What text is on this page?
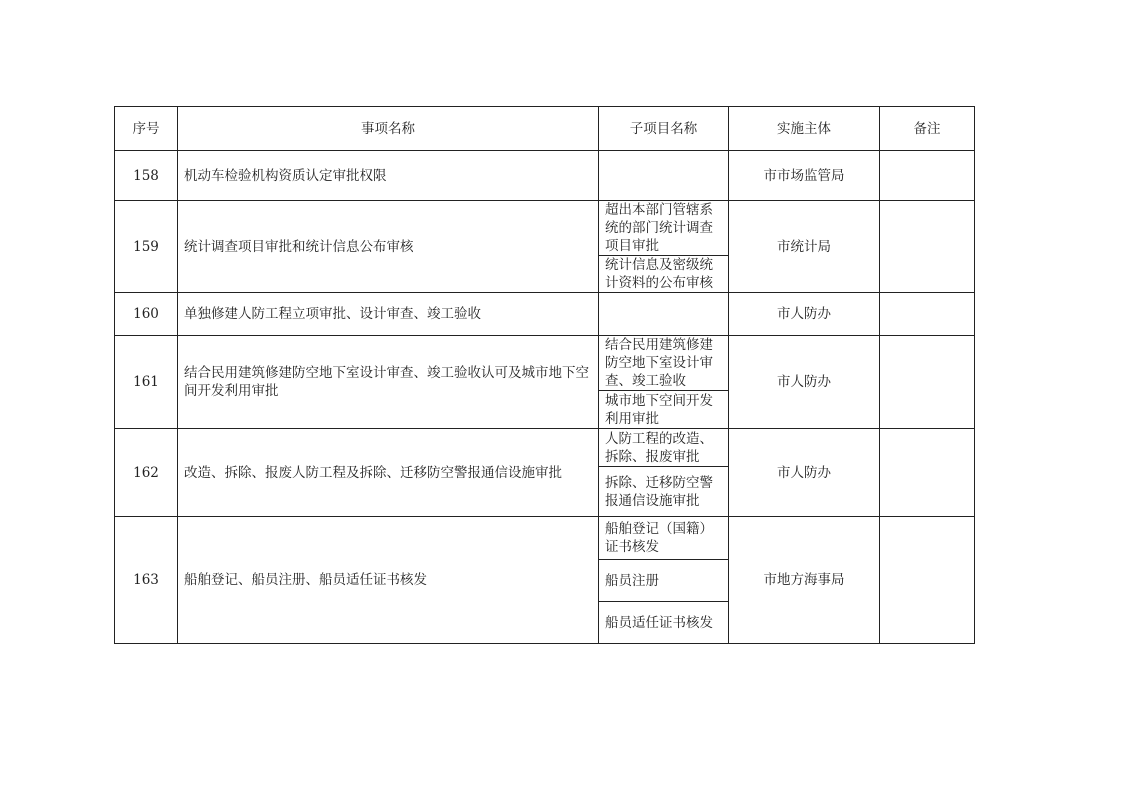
序号	事项名称	子项目名称	实施主体	备注
158	机动车检验机构资质认定审批权限		市市场监管局	
159	统计调查项目审批和统计信息公布审核	超出本部门管辖系统的部门统计调查项目审批	市统计局	
		统计信息及密级统计资料的公布审核		
160	单独修建人防工程立项审批、设计审查、竣工验收		市人防办	
161	结合民用建筑修建防空地下室设计审查、竣工验收认可及城市地下空间开发利用审批	结合民用建筑修建防空地下室设计审查、竣工验收	市人防办	
		城市地下空间开发利用审批		
162	改造、拆除、报废人防工程及拆除、迁移防空警报通信设施审批	人防工程的改造、拆除、报废审批	市人防办	
		拆除、迁移防空警报通信设施审批		
163	船舶登记、船员注册、船员适任证书核发	船舶登记（国籍）证书核发	市地方海事局	
		船员注册		
		船员适任证书核发		
